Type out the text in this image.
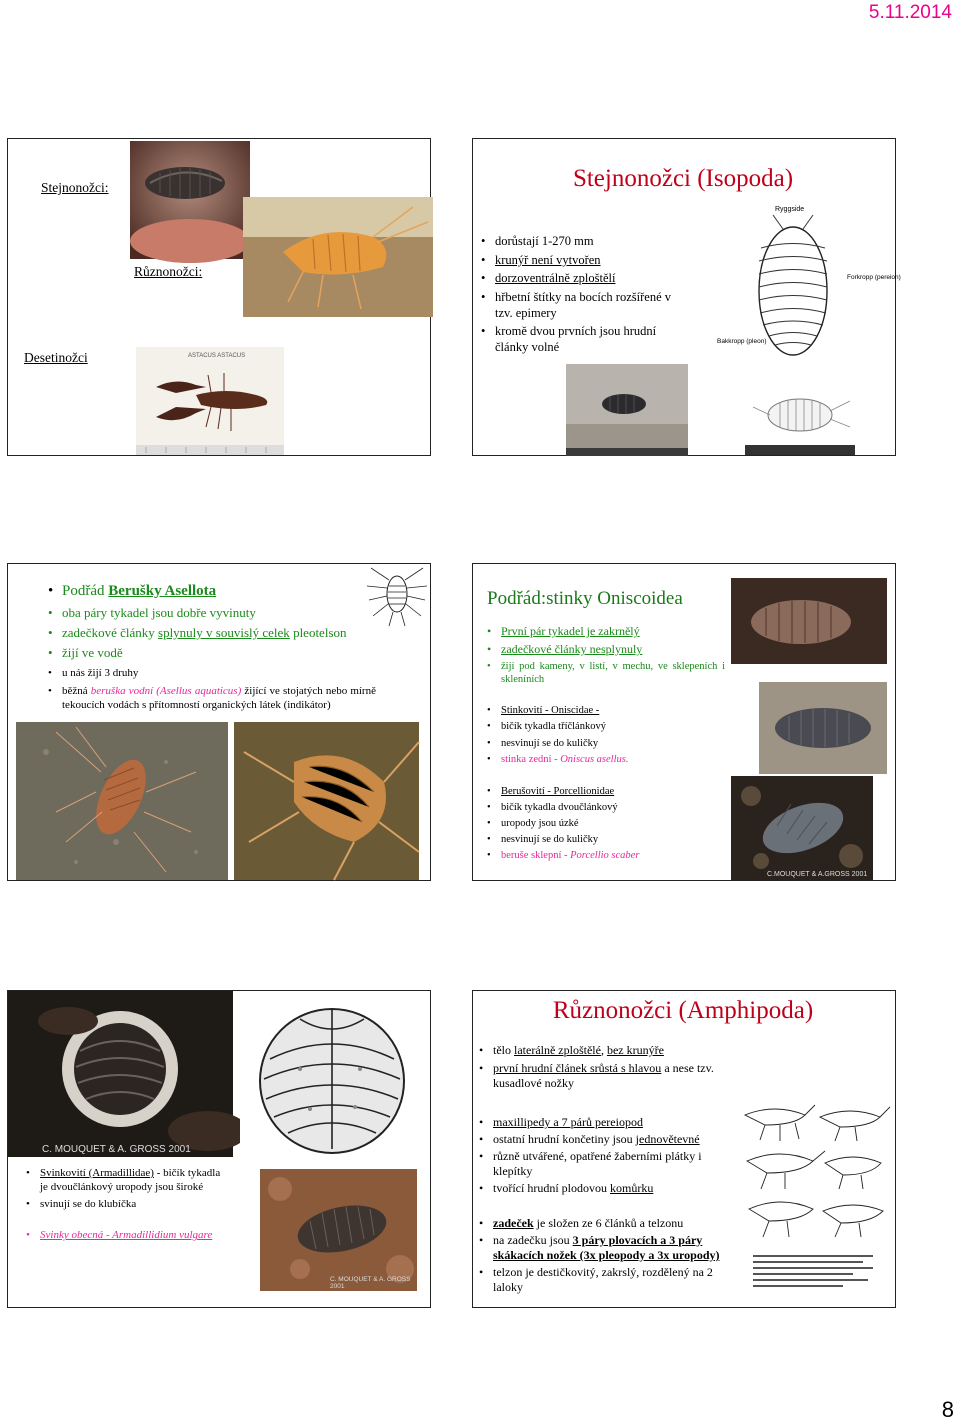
5.11.2014
Stejnonožci:
Různonožci:
Desetinožci	ASTACUS ASTACUS
Stejnonožci (Isopoda)
• dorůstají 1-270 mm
• krunýř není vytvořen
• dorzoventrálně zploštělí
• hřbetní štítky na bocích rozšířené v tzv. epimery
• kromě dvou prvních jsou hrudní články volné
Ryggside
Forkropp (pereion)
Bakkropp (pleon)
• Podřád Berušky Asellota
• oba páry tykadel jsou dobře vyvinuty
• zadečkové články splynuly v souvislý celek pleotelson
• žijí ve vodě
• u nás žijí 3 druhy
• běžná beruška vodní (Asellus aquaticus) žijící ve stojatých nebo mírně tekoucích vodách s přítomností organických látek (indikátor)
Podřád:stinky Oniscoidea
• První pár tykadel je zakrnělý
• zadečkové články nesplynuly
• žijí pod kameny, v listí, v mechu, ve sklepeních i skleníních
• Stinkovití - Oniscidae -
• bičík tykadla tříčlánkový
• nesvinují se do kuličky
• stinka zední - Oniscus asellus.
• Berušovití - Porcellionidae
• bičík tykadla dvoučlánkový
• uropody jsou úzké
• nesvinují se do kuličky
• beruše sklepní - Porcellio scaber
C.MOUQUET & A.GROSS 2001
C. MOUQUET & A. GROSS 2001
• Svinkovití (Armadillidae) - bičík tykadla je dvoučlánkový uropody jsou široké
• svinují se do klubíčka
• Svinky obecná - Armadillidium vulgare
C. MOUQUET & A. GROSS 2001
Různonožci (Amphipoda)
• tělo laterálně zploštělé, bez krunýře
• první hrudní článek srůstá s hlavou a nese tzv. kusadlové nožky
• maxillipedy a 7 párů pereiopod
• ostatní hrudní končetiny jsou jednovětevné
• různě utvářené, opatřené žaberními plátky i klepítky
• tvořící hrudní plodovou komůrku
• zadeček je složen ze 6 článků a telzonu
• na zadečku jsou 3 páry plovacích a 3 páry skákacích nožek (3x pleopody a 3x uropody)
• telzon je destičkovitý, zakrslý, rozdělený na 2 laloky
8
